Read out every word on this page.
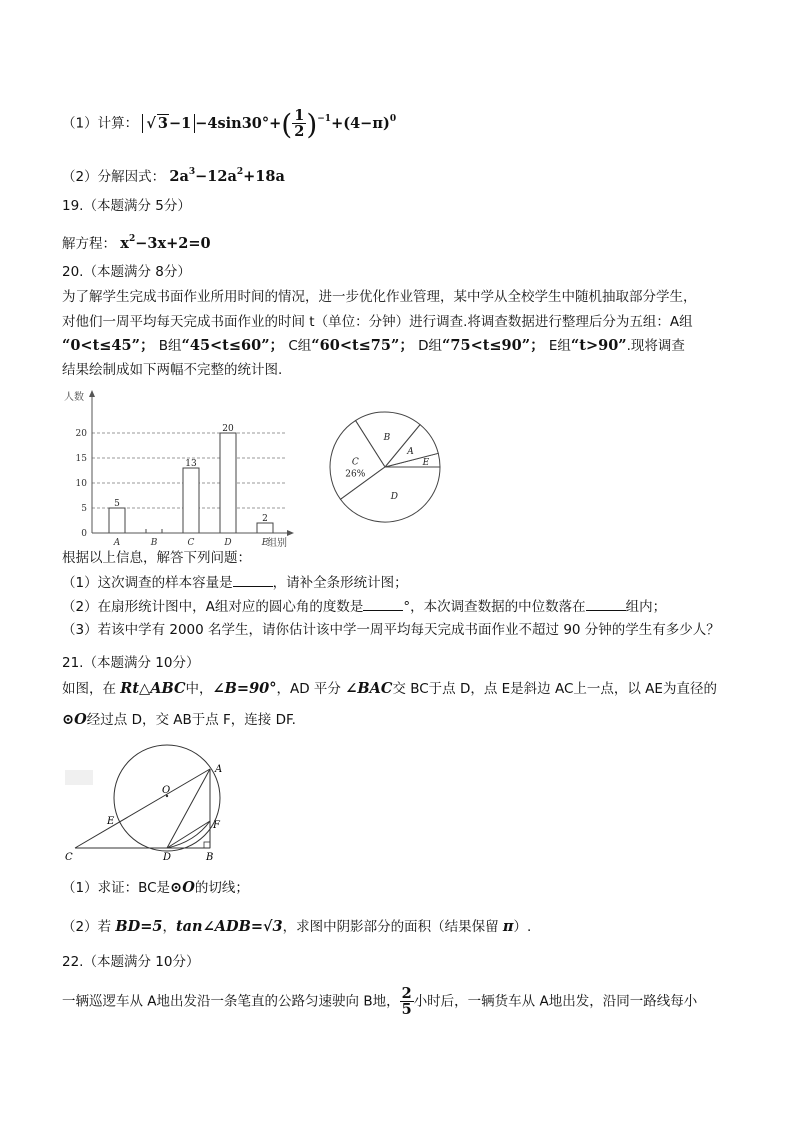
（1）计算： √ $3-1 -4\sin 30^\circ+( \frac{1}{2} )^{-1}+(4-\pi)^0$
（2）分解因式： $2a^3-12a^2+18a$
19.（本题满分 5分）
解方程： $x^2-3x+2=0$
20.（本题满分 8分）
为了解学生完成书面作业所用时间的情况，进一步优化作业管理，某中学从全校学生中随机抽取部分学生，
对他们一周平均每天完成书面作业的时间 t（单位：分钟）进行调查.将调查数据进行整理后分为五组：A组
“0<t≤45”； B组“45<t≤60”； C组“60<t≤75”； D组“75<t≤90”； E组“t>90”.现将调查
结果绘制成如下两幅不完整的统计图.
0
5
10
15
20
5
A	B
13
C
20
D
2
E
人数
组别
E
A
B
C
26%
D
根据以上信息，解答下列问题：
（1）这次调查的样本容量是	，请补全条形统计图；
（2）在扇形统计图中，A组对应的圆心角的度数是	°，本次调查数据的中位数落在	组内；
（3）若该中学有 2000 名学生，请你估计该中学一周平均每天完成书面作业不超过 90 分钟的学生有多少人？
21.（本题满分 10分）
如图，在 Rt△ABC中，∠B=90°，AD 平分 ∠BAC交 BC于点 D，点 E是斜边 AC上一点，以 AE为直径的
⊙O经过点 D，交 AB于点 F，连接 DF.
A
B
C	D
E	F
O
（1）求证：BC是⊙O的切线；
（2）若 BD=5，tan∠ADB=√3，求图中阴影部分的面积（结果保留 π）.
22.（本题满分 10分）
一辆巡逻车从 A地出发沿一条笔直的公路匀速驶向 B地， $\frac{2}{5}$ 小时后，一辆货车从 A地出发，沿同一路线每小
